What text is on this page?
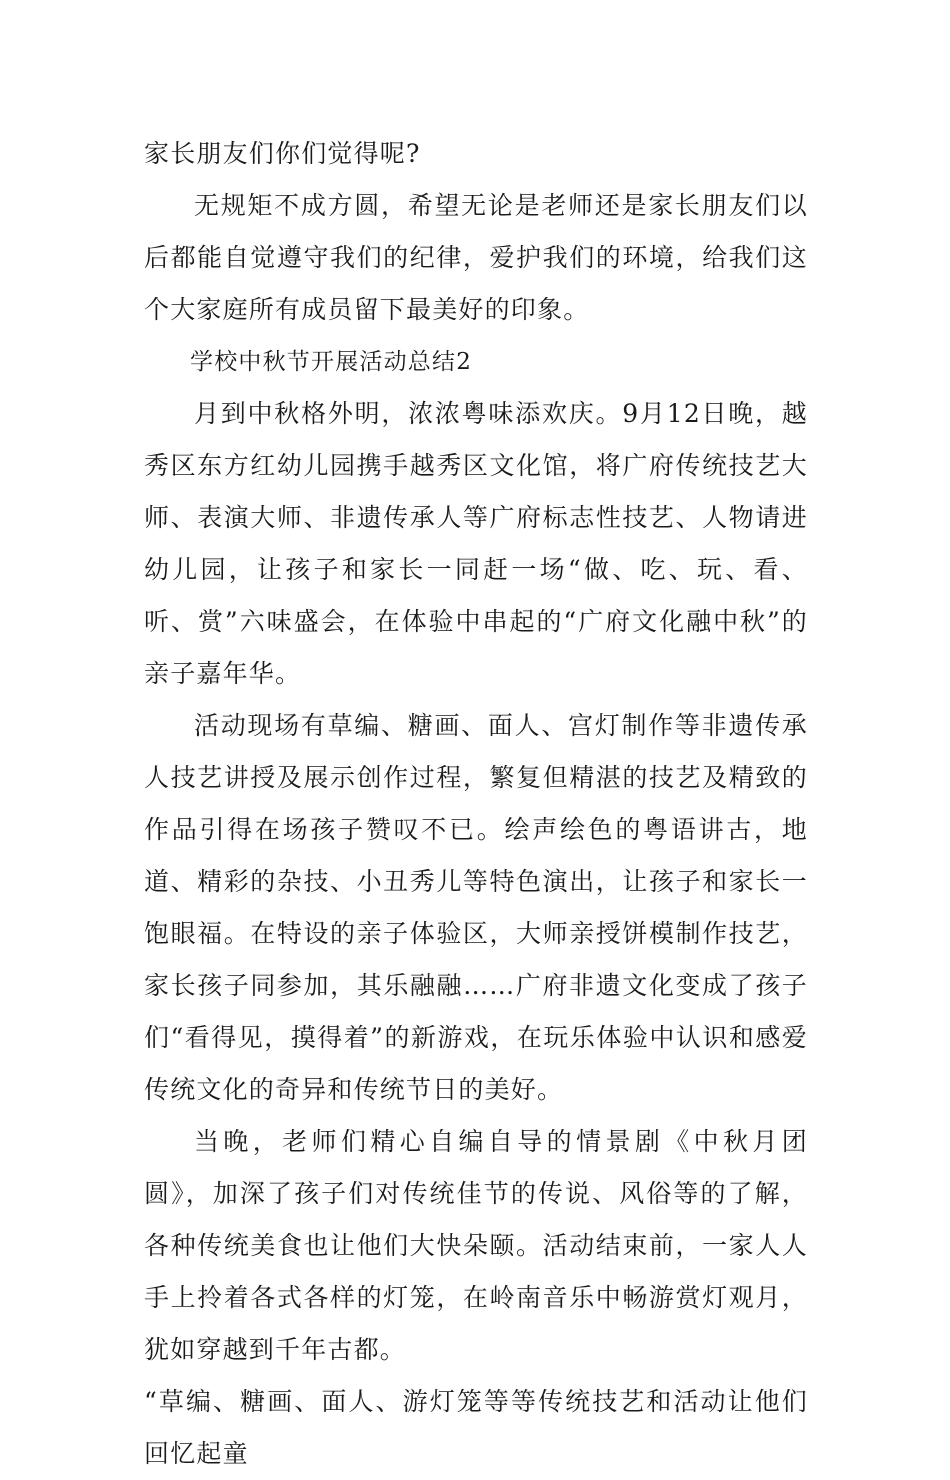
家长朋友们你们觉得呢?

无规矩不成方圆，希望无论是老师还是家长朋友们以后都能自觉遵守我们的纪律，爱护我们的环境，给我们这个大家庭所有成员留下最美好的印象。

学校中秋节开展活动总结2

月到中秋格外明，浓浓粤味添欢庆。9月12日晚，越秀区东方红幼儿园携手越秀区文化馆，将广府传统技艺大师、表演大师、非遗传承人等广府标志性技艺、人物请进幼儿园，让孩子和家长一同赶一场“做、吃、玩、看、听、赏”六味盛会，在体验中串起的“广府文化融中秋”的亲子嘉年华。

活动现场有草编、糖画、面人、宫灯制作等非遗传承人技艺讲授及展示创作过程，繁复但精湛的技艺及精致的作品引得在场孩子赞叹不已。绘声绘色的粤语讲古，地道、精彩的杂技、小丑秀儿等特色演出，让孩子和家长一饱眼福。在特设的亲子体验区，大师亲授饼模制作技艺，家长孩子同参加，其乐融融……广府非遗文化变成了孩子们“看得见，摸得着”的新游戏，在玩乐体验中认识和感爱传统文化的奇异和传统节日的美好。

当晚，老师们精心自编自导的情景剧《中秋月团圆》，加深了孩子们对传统佳节的传说、风俗等的了解，各种传统美食也让他们大快朵颐。活动结束前，一家人人手上拎着各式各样的灯笼，在岭南音乐中畅游赏灯观月，犹如穿越到千年古都。

“草编、糖画、面人、游灯笼等等传统技艺和活动让他们回忆起童
